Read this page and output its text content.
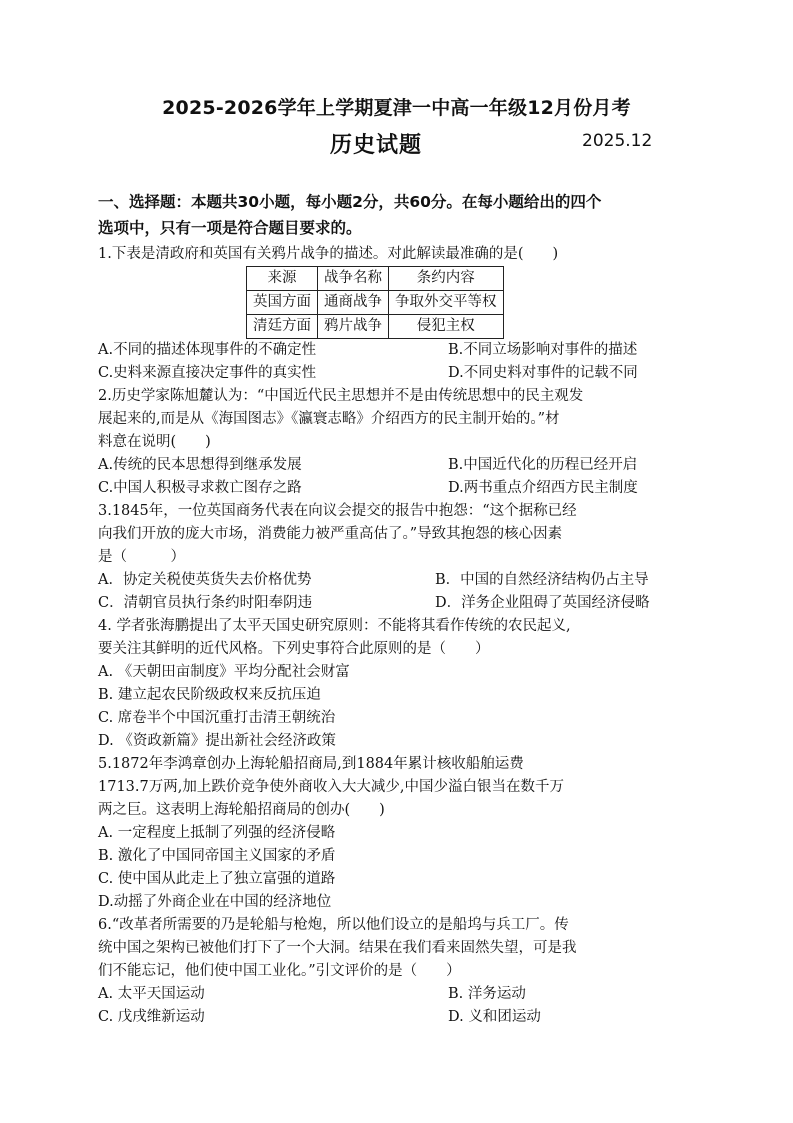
2025-2026学年上学期夏津一中高一年级12月份月考
历史试题	2025.12
一、选择题：本题共30小题，每小题2分，共60分。在每小题给出的四个
选项中，只有一项是符合题目要求的。
1.下表是清政府和英国有关鸦片战争的描述。对此解读最准确的是(　　)
来源	战争名称	条约内容
英国方面	通商战争	争取外交平等权
清廷方面	鸦片战争	侵犯主权
A.不同的描述体现事件的不确定性	B.不同立场影响对事件的描述
C.史料来源直接决定事件的真实性	D.不同史料对事件的记载不同
2.历史学家陈旭麓认为：“中国近代民主思想并不是由传统思想中的民主观发
展起来的,而是从《海国图志》《瀛寰志略》介绍西方的民主制开始的。”材
料意在说明(　　)
A.传统的民本思想得到继承发展	B.中国近代化的历程已经开启
C.中国人积极寻求救亡图存之路	D.两书重点介绍西方民主制度
3.1845年，一位英国商务代表在向议会提交的报告中抱怨：“这个据称已经
向我们开放的庞大市场，消费能力被严重高估了。”导致其抱怨的核心因素
是（　　　）
A．协定关税使英货失去价格优势	B．中国的自然经济结构仍占主导
C．清朝官员执行条约时阳奉阴违	D．洋务企业阻碍了英国经济侵略
4. 学者张海鹏提出了太平天国史研究原则：不能将其看作传统的农民起义,
要关注其鲜明的近代风格。下列史事符合此原则的是（　　）
A. 《天朝田亩制度》平均分配社会财富
B. 建立起农民阶级政权来反抗压迫
C. 席卷半个中国沉重打击清王朝统治
D. 《资政新篇》提出新社会经济政策
5.1872年李鸿章创办上海轮船招商局,到1884年累计核收船舶运费
1713.7万两,加上跌价竞争使外商收入大大减少,中国少溢白银当在数千万
两之巨。这表明上海轮船招商局的创办(　　)
A. 一定程度上抵制了列强的经济侵略
B. 激化了中国同帝国主义国家的矛盾
C. 使中国从此走上了独立富强的道路
D.动摇了外商企业在中国的经济地位
6.“改革者所需要的乃是轮船与枪炮，所以他们设立的是船坞与兵工厂。传
统中国之架构已被他们打下了一个大洞。结果在我们看来固然失望，可是我
们不能忘记，他们使中国工业化。”引文评价的是（　　）
A. 太平天国运动	B. 洋务运动
C. 戊戌维新运动	D. 义和团运动
